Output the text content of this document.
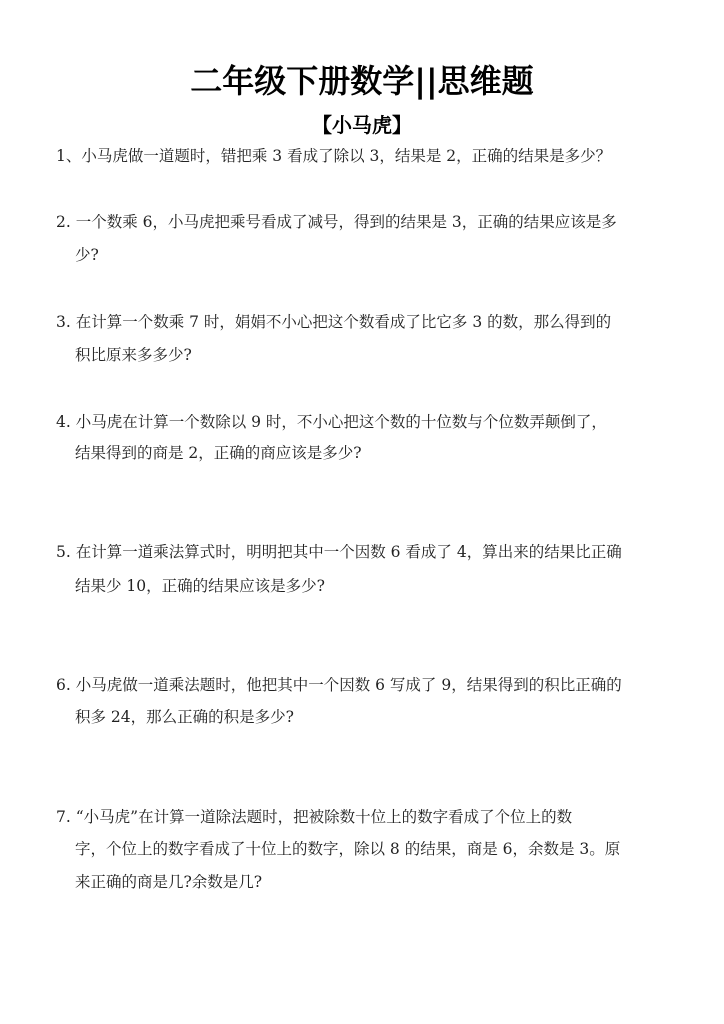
二年级下册数学||思维题
【小马虎】
1、小马虎做一道题时，错把乘 3 看成了除以 3，结果是 2，正确的结果是多少？
2. 一个数乘 6，小马虎把乘号看成了减号，得到的结果是 3，正确的结果应该是多
少?
3. 在计算一个数乘 7 时，娟娟不小心把这个数看成了比它多 3 的数，那么得到的
积比原来多多少?
4. 小马虎在计算一个数除以 9 时，不小心把这个数的十位数与个位数弄颠倒了，
结果得到的商是 2，正确的商应该是多少?
5. 在计算一道乘法算式时，明明把其中一个因数 6 看成了 4，算出来的结果比正确
结果少 10，正确的结果应该是多少?
6. 小马虎做一道乘法题时，他把其中一个因数 6 写成了 9，结果得到的积比正确的
积多 24，那么正确的积是多少?
7. “小马虎”在计算一道除法题时，把被除数十位上的数字看成了个位上的数
字，个位上的数字看成了十位上的数字，除以 8 的结果，商是 6，余数是 3。原
来正确的商是几?余数是几?
